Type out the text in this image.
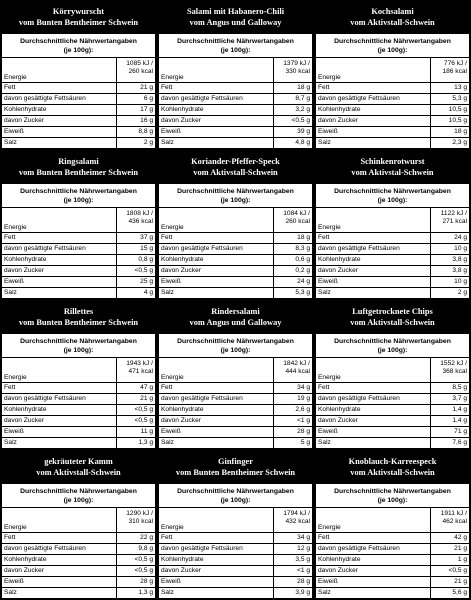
Körrywurscht
vom Bunten Bentheimer Schwein
Durchschnittliche Nährwertangaben
(je 100g):
Energie	1085 kJ /
260 kcal
Fett	21 g
davon gesättigte Fettsäuren	6 g
Kohlenhydrate	17 g
davon Zucker	16 g
Eiweiß	8,8 g
Salz	2 g
Salami mit Habanero-Chili
vom Angus und Galloway
Durchschnittliche Nährwertangaben
(je 100g):
Energie	1379 kJ /
330 kcal
Fett	18 g
davon gesättigte Fettsäuren	8,7 g
Kohlenhydrate	3,2 g
davon Zucker	<0,5 g
Eiweiß	39 g
Salz	4,8 g
Kochsalami
vom Aktivstall-Schwein
Durchschnittliche Nährwertangaben
(je 100g):
Energie	776 kJ /
186 kcal
Fett	13 g
davon gesättigte Fettsäuren	5,3 g
Kohlenhydrate	10,5 g
davon Zucker	10,5 g
Eiweiß	18 g
Salz	2,3 g
Ringsalami
vom Bunten Bentheimer Schwein
Durchschnittliche Nährwertangaben
(je 100g):
Energie	1808 kJ /
436 kcal
Fett	37 g
davon gesättigte Fettsäuren	15 g
Kohlenhydrate	0,8 g
davon Zucker	<0,5 g
Eiweiß	25 g
Salz	4 g
Koriander-Pfeffer-Speck
vom Aktivstall-Schwein
Durchschnittliche Nährwertangaben
(je 100g):
Energie	1084 kJ /
260 kcal
Fett	18 g
davon gesättigte Fettsäuren	8,3 g
Kohlenhydrate	0,6 g
davon Zucker	0,2 g
Eiweiß	24 g
Salz	5,3 g
Schinkenrotwurst
vom Aktivstal-Schwein
Durchschnittliche Nährwertangaben
(je 100g):
Energie	1122 kJ /
271 kcal
Fett	24 g
davon gesättigte Fettsäuren	10 g
Kohlenhydrate	3,8 g
davon Zucker	3,8 g
Eiweiß	10 g
Salz	2 g
Rillettes
vom Bunten Bentheimer Schwein
Durchschnittliche Nährwertangaben
(je 100g):
Energie	1943 kJ /
471 kcal
Fett	47 g
davon gesättigte Fettsäuren	21 g
Kohlenhydrate	<0,5 g
davon Zucker	<0,5 g
Eiweiß	11 g
Salz	1,3 g
Rindersalami
vom Angus und Galloway
Durchschnittliche Nährwertangaben
(je 100g):
Energie	1842 kJ /
444 kcal
Fett	34 g
davon gesättigte Fettsäuren	19 g
Kohlenhydrate	2,6 g
davon Zucker	<1 g
Eiweiß	28 g
Salz	5 g
Luftgetrocknete Chips
vom Aktivstall-Schwein
Durchschnittliche Nährwertangaben
(je 100g):
Energie	1552 kJ /
368 kcal
Fett	8,5 g
davon gesättigte Fettsäuren	3,7 g
Kohlenhydrate	1,4 g
davon Zucker	1,4 g
Eiweiß	71 g
Salz	7,6 g
gekräuteter Kamm
vom Aktivstall-Schwein
Durchschnittliche Nährwertangaben
(je 100g):
Energie	1290 kJ /
310 kcal
Fett	22 g
davon gesättigte Fettsäuren	9,8 g
Kohlenhydrate	<0,5 g
davon Zucker	<0,5 g
Eiweiß	28 g
Salz	1,3 g
Ginfinger
vom Bunten Bentheimer Schwein
Durchschnittliche Nährwertangaben
(je 100g):
Energie	1794 kJ /
432 kcal
Fett	34 g
davon gesättigte Fettsäuren	12 g
Kohlenhydrate	3,5 g
davon Zucker	<1 g
Eiweiß	28 g
Salz	3,9 g
Knoblauch-Karreespeck
vom Aktivstall-Schwein
Durchschnittliche Nährwertangaben
(je 100g):
Energie	1911 kJ /
462 kcal
Fett	42 g
davon gesättigte Fettsäuren	21 g
Kohlenhydrate	1 g
davon Zucker	<0,5 g
Eiweiß	21 g
Salz	5,6 g
